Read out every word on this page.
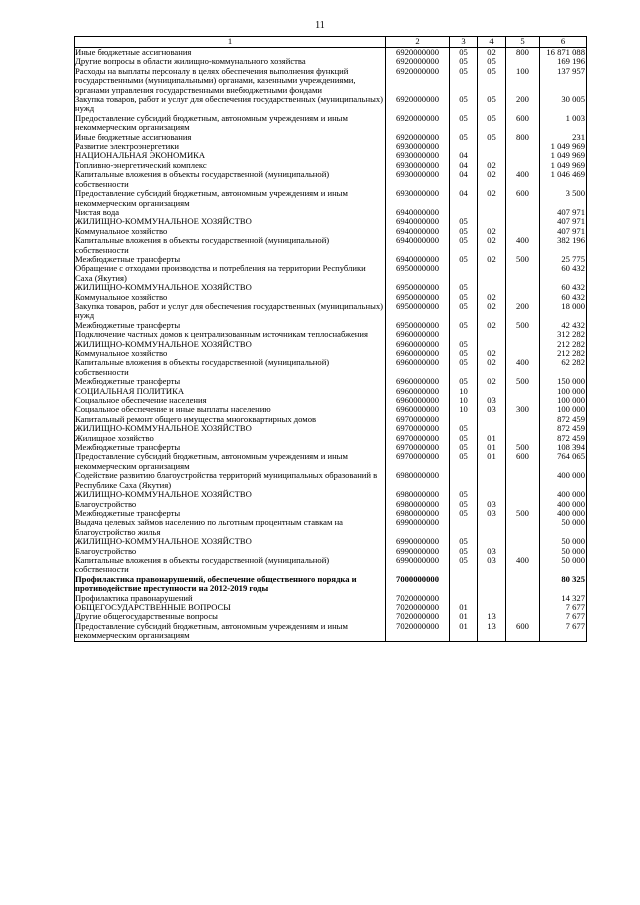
11
1	2	3	4	5	6
Иные бюджетные ассигнования	6920000000	05	02	800	16 871 088
Другие вопросы в области жилищно-коммунального хозяйства	6920000000	05	05		169 196
Расходы на выплаты персоналу в целях обеспечения выполнения функций государственными (муниципальными) органами, казенными учреждениями, органами управления государственными внебюджетными фондами	6920000000	05	05	100	137 957
Закупка товаров, работ и услуг для обеспечения государственных (муниципальных) нужд	6920000000	05	05	200	30 005
Предоставление субсидий бюджетным, автономным учреждениям и иным некоммерческим организациям	6920000000	05	05	600	1 003
Иные бюджетные ассигнования	6920000000	05	05	800	231
Развитие электроэнергетики	6930000000				1 049 969
НАЦИОНАЛЬНАЯ ЭКОНОМИКА	6930000000	04			1 049 969
Топливно-энергетический комплекс	6930000000	04	02		1 049 969
Капитальные вложения в объекты государственной (муниципальной) собственности	6930000000	04	02	400	1 046 469
Предоставление субсидий бюджетным, автономным учреждениям и иным некоммерческим организациям	6930000000	04	02	600	3 500
Чистая вода	6940000000				407 971
ЖИЛИЩНО-КОММУНАЛЬНОЕ ХОЗЯЙСТВО	6940000000	05			407 971
Коммунальное хозяйство	6940000000	05	02		407 971
Капитальные вложения в объекты государственной (муниципальной) собственности	6940000000	05	02	400	382 196
Межбюджетные трансферты	6940000000	05	02	500	25 775
Обращение с отходами производства и потребления на территории Республики Саха (Якутия)	6950000000				60 432
ЖИЛИЩНО-КОММУНАЛЬНОЕ ХОЗЯЙСТВО	6950000000	05			60 432
Коммунальное хозяйство	6950000000	05	02		60 432
Закупка товаров, работ и услуг для обеспечения государственных (муниципальных) нужд	6950000000	05	02	200	18 000
Межбюджетные трансферты	6950000000	05	02	500	42 432
Подключение частных домов к централизованным источникам теплоснабжения	6960000000				312 282
ЖИЛИЩНО-КОММУНАЛЬНОЕ ХОЗЯЙСТВО	6960000000	05			212 282
Коммунальное хозяйство	6960000000	05	02		212 282
Капитальные вложения в объекты государственной (муниципальной) собственности	6960000000	05	02	400	62 282
Межбюджетные трансферты	6960000000	05	02	500	150 000
СОЦИАЛЬНАЯ ПОЛИТИКА	6960000000	10			100 000
Социальное обеспечение населения	6960000000	10	03		100 000
Социальное обеспечение и иные выплаты населению	6960000000	10	03	300	100 000
Капитальный ремонт общего имущества многоквартирных домов	6970000000				872 459
ЖИЛИЩНО-КОММУНАЛЬНОЕ ХОЗЯЙСТВО	6970000000	05			872 459
Жилищное хозяйство	6970000000	05	01		872 459
Межбюджетные трансферты	6970000000	05	01	500	108 394
Предоставление субсидий бюджетным, автономным учреждениям и иным некоммерческим организациям	6970000000	05	01	600	764 065
Содействие развитию благоустройства территорий муниципальных образований в Республике Саха (Якутия)	6980000000				400 000
ЖИЛИЩНО-КОММУНАЛЬНОЕ ХОЗЯЙСТВО	6980000000	05			400 000
Благоустройство	6980000000	05	03		400 000
Межбюджетные трансферты	6980000000	05	03	500	400 000
Выдача целевых займов населению по льготным процентным ставкам на благоустройство жилья	6990000000				50 000
ЖИЛИЩНО-КОММУНАЛЬНОЕ ХОЗЯЙСТВО	6990000000	05			50 000
Благоустройство	6990000000	05	03		50 000
Капитальные вложения в объекты государственной (муниципальной) собственности	6990000000	05	03	400	50 000
Профилактика правонарушений, обеспечение общественного порядка и противодействие преступности на 2012-2019 годы	7000000000				80 325
Профилактика правонарушений	7020000000				14 327
ОБЩЕГОСУДАРСТВЕННЫЕ ВОПРОСЫ	7020000000	01			7 677
Другие общегосударственные вопросы	7020000000	01	13		7 677
Предоставление субсидий бюджетным, автономным учреждениям и иным некоммерческим организациям	7020000000	01	13	600	7 677
